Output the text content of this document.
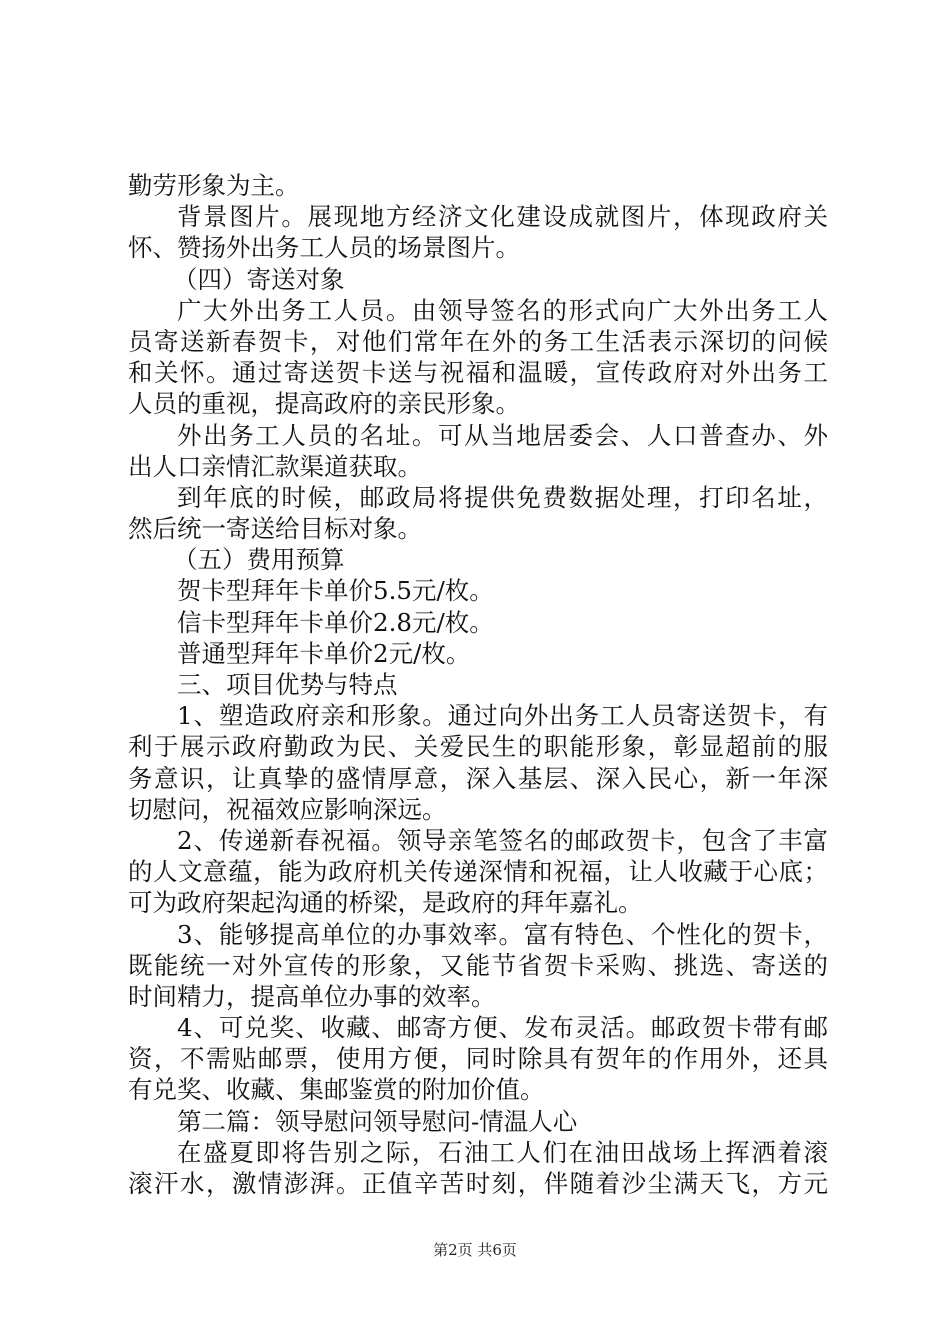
勤劳形象为主。
背景图片。展现地方经济文化建设成就图片，体现政府关
怀、赞扬外出务工人员的场景图片。
（四）寄送对象
广大外出务工人员。由领导签名的形式向广大外出务工人
员寄送新春贺卡，对他们常年在外的务工生活表示深切的问候
和关怀。通过寄送贺卡送与祝福和温暖，宣传政府对外出务工
人员的重视，提高政府的亲民形象。
外出务工人员的名址。可从当地居委会、人口普查办、外
出人口亲情汇款渠道获取。
到年底的时候，邮政局将提供免费数据处理，打印名址，
然后统一寄送给目标对象。
（五）费用预算
贺卡型拜年卡单价5.5元/枚。
信卡型拜年卡单价2.8元/枚。
普通型拜年卡单价2元/枚。
三、项目优势与特点
1、塑造政府亲和形象。通过向外出务工人员寄送贺卡，有
利于展示政府勤政为民、关爱民生的职能形象，彰显超前的服
务意识，让真挚的盛情厚意，深入基层、深入民心，新一年深
切慰问，祝福效应影响深远。
2、传递新春祝福。领导亲笔签名的邮政贺卡，包含了丰富
的人文意蕴，能为政府机关传递深情和祝福，让人收藏于心底；
可为政府架起沟通的桥梁，是政府的拜年嘉礼。
3、能够提高单位的办事效率。富有特色、个性化的贺卡，
既能统一对外宣传的形象，又能节省贺卡采购、挑选、寄送的
时间精力，提高单位办事的效率。
4、可兑奖、收藏、邮寄方便、发布灵活。邮政贺卡带有邮
资，不需贴邮票，使用方便，同时除具有贺年的作用外，还具
有兑奖、收藏、集邮鉴赏的附加价值。
第二篇：领导慰问领导慰问-情温人心
在盛夏即将告别之际，石油工人们在油田战场上挥洒着滚
滚汗水，激情澎湃。正值辛苦时刻，伴随着沙尘满天飞，方元
第2页 共6页
